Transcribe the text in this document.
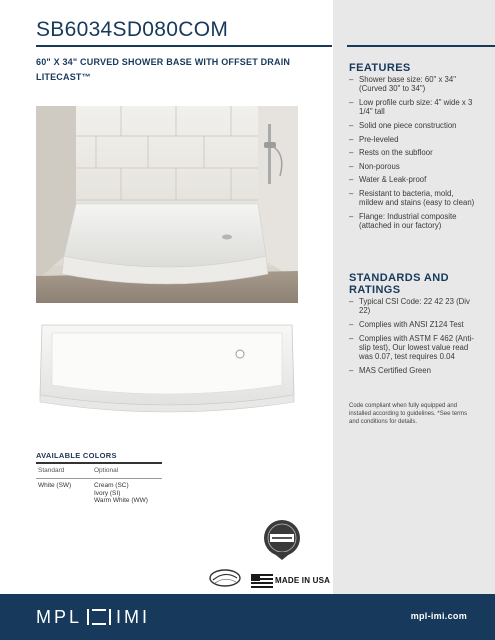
SB6034SD080COM
60" X 34" CURVED SHOWER BASE WITH OFFSET DRAIN
LITECAST™
FEATURES
– Shower base size: 60" x 34" (Curved 30" to 34")
– Low profile curb size: 4" wide x 3 1/4" tall
– Solid one piece construction
– Pre-leveled
– Rests on the subfloor
– Non-porous
– Water & Leak-proof
– Resistant to bacteria, mold, mildew and stains (easy to clean)
– Flange: Industrial composite (attached in our factory)
STANDARDS AND
RATINGS
– Typical CSI Code: 22 42 23 (Div 22)
– Complies with ANSI Z124 Test
– Complies with ASTM F 462 (Anti-slip test), Our lowest value read was 0.07, test requires 0.04
– MAS Certified Green
Code compliant when fully equipped and installed according to guidelines. *See terms and conditions for details.
AVAILABLE COLORS
Standard	Optional
White (SW)	Cream (SC)
Ivory (SI)
Warm White (WW)
MADE IN USA
MPL IMI	mpl-imi.com
